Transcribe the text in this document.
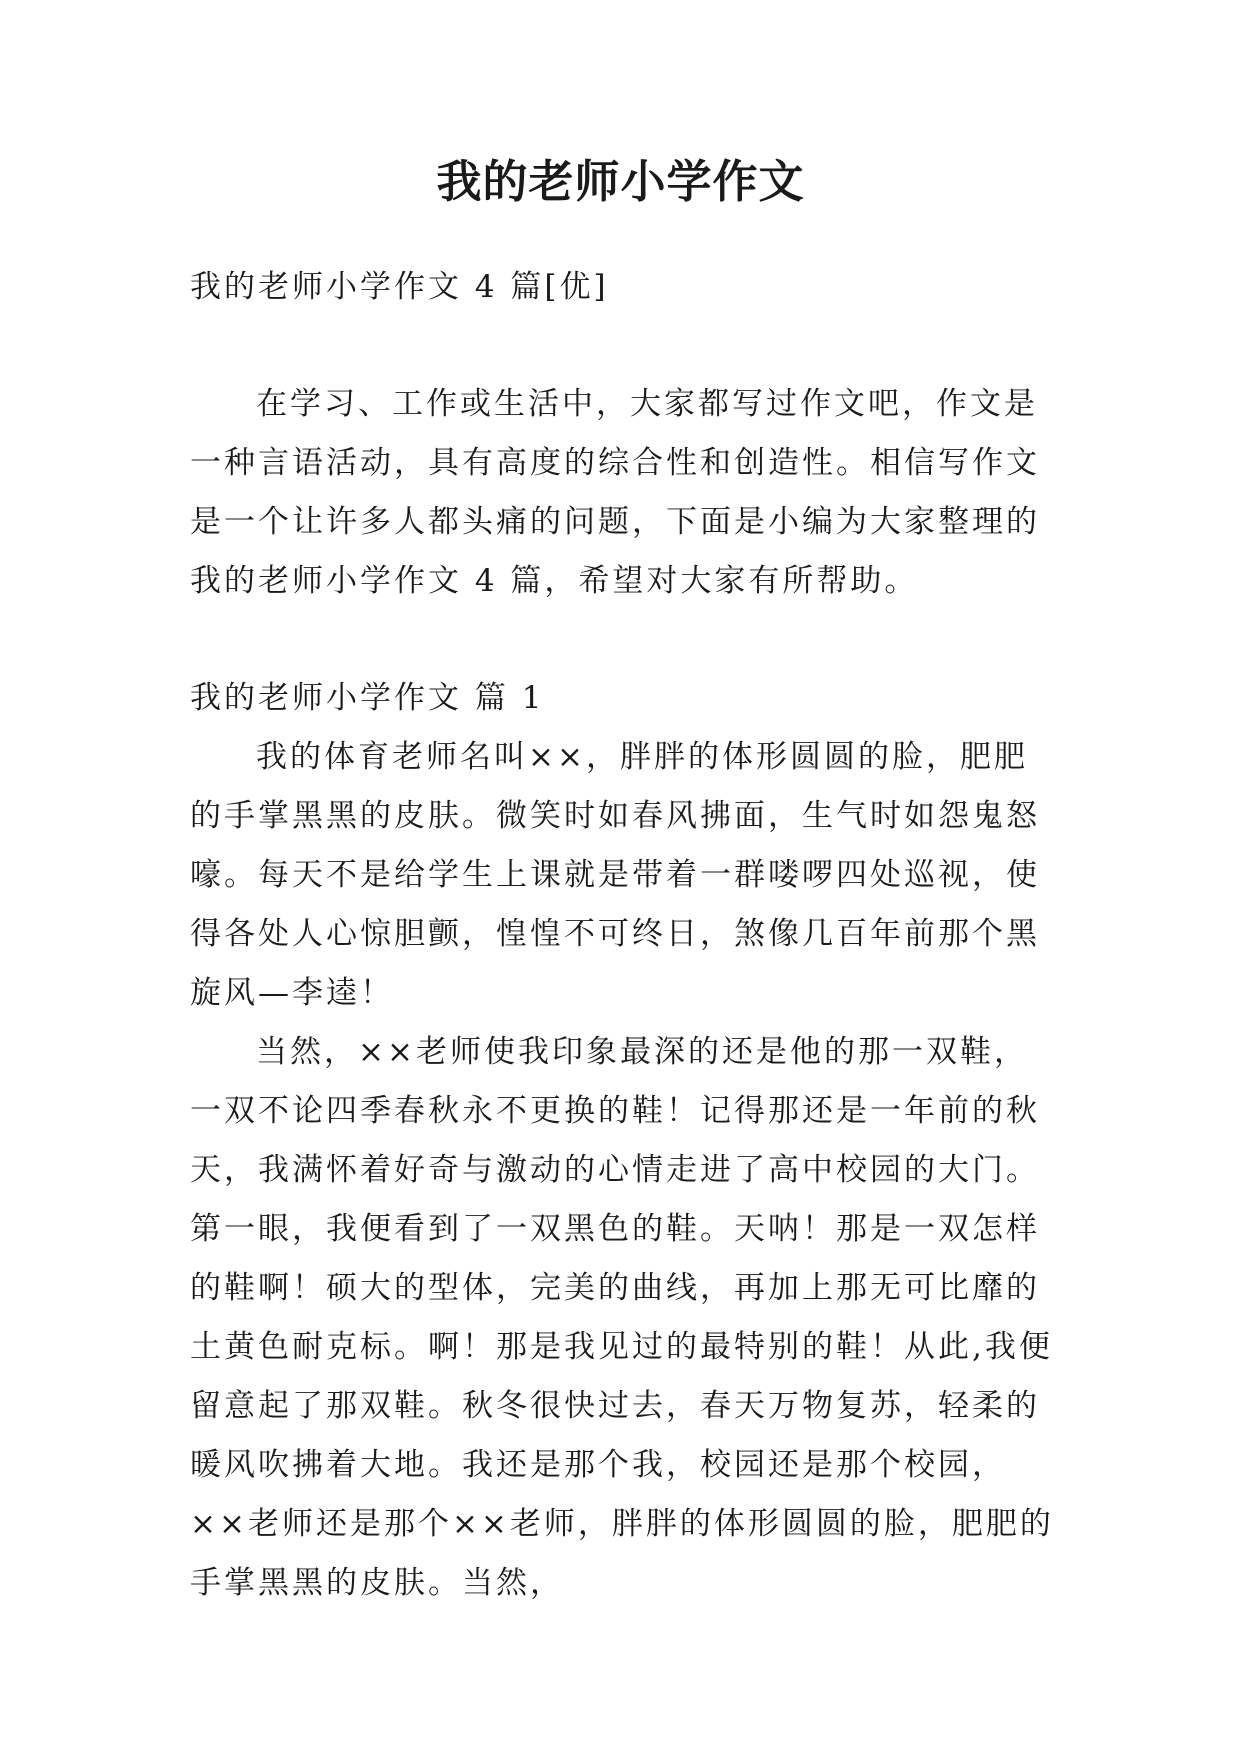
我的老师小学作文

我的老师小学作文 4 篇[优]

在学习、工作或生活中，大家都写过作文吧，作文是一种言语活动，具有高度的综合性和创造性。相信写作文是一个让许多人都头痛的问题，下面是小编为大家整理的我的老师小学作文 4 篇，希望对大家有所帮助。

我的老师小学作文 篇 1

我的体育老师名叫××，胖胖的体形圆圆的脸，肥肥的手掌黑黑的皮肤。微笑时如春风拂面，生气时如怨鬼怒嚎。每天不是给学生上课就是带着一群喽啰四处巡视，使得各处人心惊胆颤，惶惶不可终日，煞像几百年前那个黑旋风—李逵！

当然，××老师使我印象最深的还是他的那一双鞋，一双不论四季春秋永不更换的鞋！记得那还是一年前的秋天，我满怀着好奇与激动的心情走进了高中校园的大门。第一眼，我便看到了一双黑色的鞋。天呐！那是一双怎样的鞋啊！硕大的型体，完美的曲线，再加上那无可比靡的土黄色耐克标。啊！那是我见过的最特别的鞋！从此,我便留意起了那双鞋。秋冬很快过去，春天万物复苏，轻柔的暖风吹拂着大地。我还是那个我，校园还是那个校园，××老师还是那个××老师，胖胖的体形圆圆的脸，肥肥的手掌黑黑的皮肤。当然，
